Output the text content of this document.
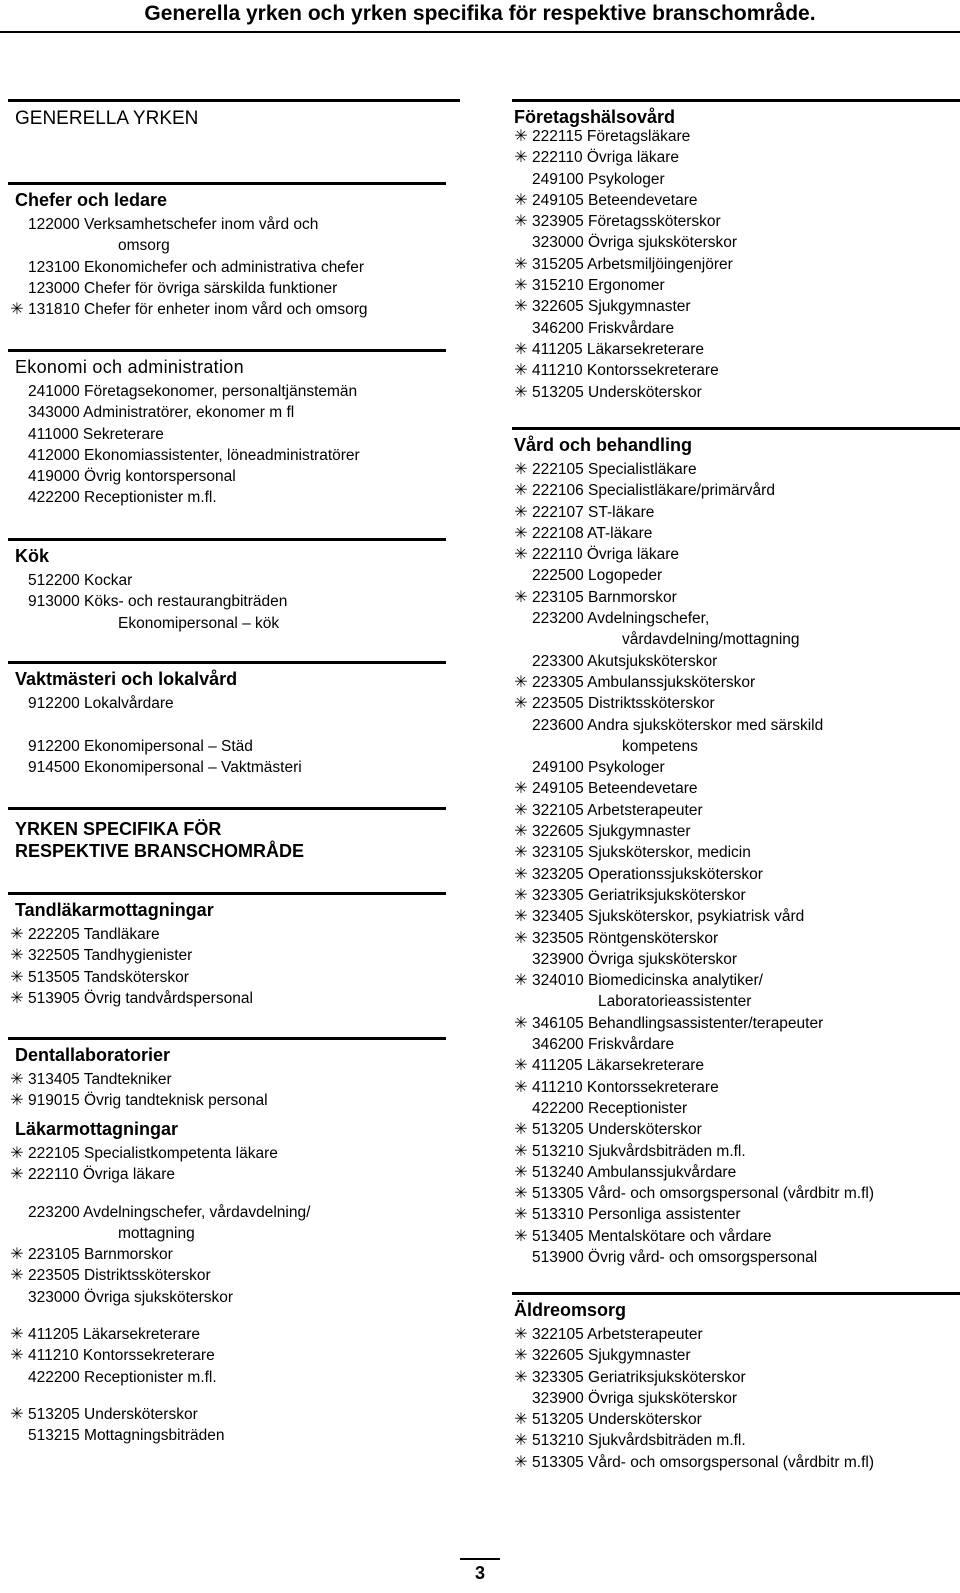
Generella yrken och yrken specifika för respektive branschområde.
GENERELLA YRKEN
Chefer och ledare
122000 Verksamhetschefer inom vård och
omsorg
123100 Ekonomichefer och administrativa chefer
123000 Chefer för övriga särskilda funktioner
✳ 131810 Chefer för enheter inom vård och omsorg
Ekonomi och administration
241000 Företagsekonomer, personaltjänstemän
343000 Administratörer, ekonomer m fl
411000 Sekreterare
412000 Ekonomiassistenter, löneadministratörer
419000 Övrig kontorspersonal
422200 Receptionister m.fl.
Kök
512200 Kockar
913000 Köks- och restaurangbiträden
Ekonomipersonal – kök
Vaktmästeri och lokalvård
912200 Lokalvårdare

912200 Ekonomipersonal – Städ
914500 Ekonomipersonal – Vaktmästeri
YRKEN SPECIFIKA FÖR
RESPEKTIVE BRANSCHOMRÅDE
Tandläkarmottagningar
✳ 222205 Tandläkare
✳ 322505 Tandhygienister
✳ 513505 Tandsköterskor
✳ 513905 Övrig tandvårdspersonal
Dentallaboratorier
✳ 313405 Tandtekniker
✳ 919015 Övrig tandteknisk personal
Läkarmottagningar
✳ 222105 Specialistkompetenta läkare
✳ 222110 Övriga läkare
223200 Avdelningschefer, vårdavdelning/
mottagning
✳ 223105 Barnmorskor
✳ 223505 Distriktssköterskor
323000 Övriga sjuksköterskor
✳ 411205 Läkarsekreterare
✳ 411210 Kontorssekreterare
422200 Receptionister m.fl.
✳ 513205 Undersköterskor
513215 Mottagningsbiträden
Företagshälsovård
✳ 222115 Företagsläkare
✳ 222110 Övriga läkare
249100 Psykologer
✳ 249105 Beteendevetare
✳ 323905 Företagssköterskor
323000 Övriga sjuksköterskor
✳ 315205 Arbetsmiljöingenjörer
✳ 315210 Ergonomer
✳ 322605 Sjukgymnaster
346200 Friskvårdare
✳ 411205 Läkarsekreterare
✳ 411210 Kontorssekreterare
✳ 513205 Undersköterskor
Vård och behandling
✳ 222105 Specialistläkare
✳ 222106 Specialistläkare/primärvård
✳ 222107 ST-läkare
✳ 222108 AT-läkare
✳ 222110 Övriga läkare
222500 Logopeder
✳ 223105 Barnmorskor
223200 Avdelningschefer,
vårdavdelning/mottagning
223300 Akutsjuksköterskor
✳ 223305 Ambulanssjuksköterskor
✳ 223505 Distriktssköterskor
223600 Andra sjuksköterskor med särskild
kompetens
249100 Psykologer
✳ 249105 Beteendevetare
✳ 322105 Arbetsterapeuter
✳ 322605 Sjukgymnaster
✳ 323105 Sjuksköterskor, medicin
✳ 323205 Operationssjuksköterskor
✳ 323305 Geriatriksjuksköterskor
✳ 323405 Sjuksköterskor, psykiatrisk vård
✳ 323505 Röntgensköterskor
323900 Övriga sjuksköterskor
✳ 324010 Biomedicinska analytiker/
Laboratorieassistenter
✳ 346105 Behandlingsassistenter/terapeuter
346200 Friskvårdare
✳ 411205 Läkarsekreterare
✳ 411210 Kontorssekreterare
422200 Receptionister
✳ 513205 Undersköterskor
✳ 513210 Sjukvårdsbiträden m.fl.
✳ 513240 Ambulanssjukvårdare
✳ 513305 Vård- och omsorgspersonal (vårdbitr m.fl)
✳ 513310 Personliga assistenter
✳ 513405 Mentalskötare och vårdare
513900 Övrig vård- och omsorgspersonal
Äldreomsorg
✳ 322105 Arbetsterapeuter
✳ 322605 Sjukgymnaster
✳ 323305 Geriatriksjuksköterskor
323900 Övriga sjuksköterskor
✳ 513205 Undersköterskor
✳ 513210 Sjukvårdsbiträden m.fl.
✳ 513305 Vård- och omsorgspersonal (vårdbitr m.fl)
3
